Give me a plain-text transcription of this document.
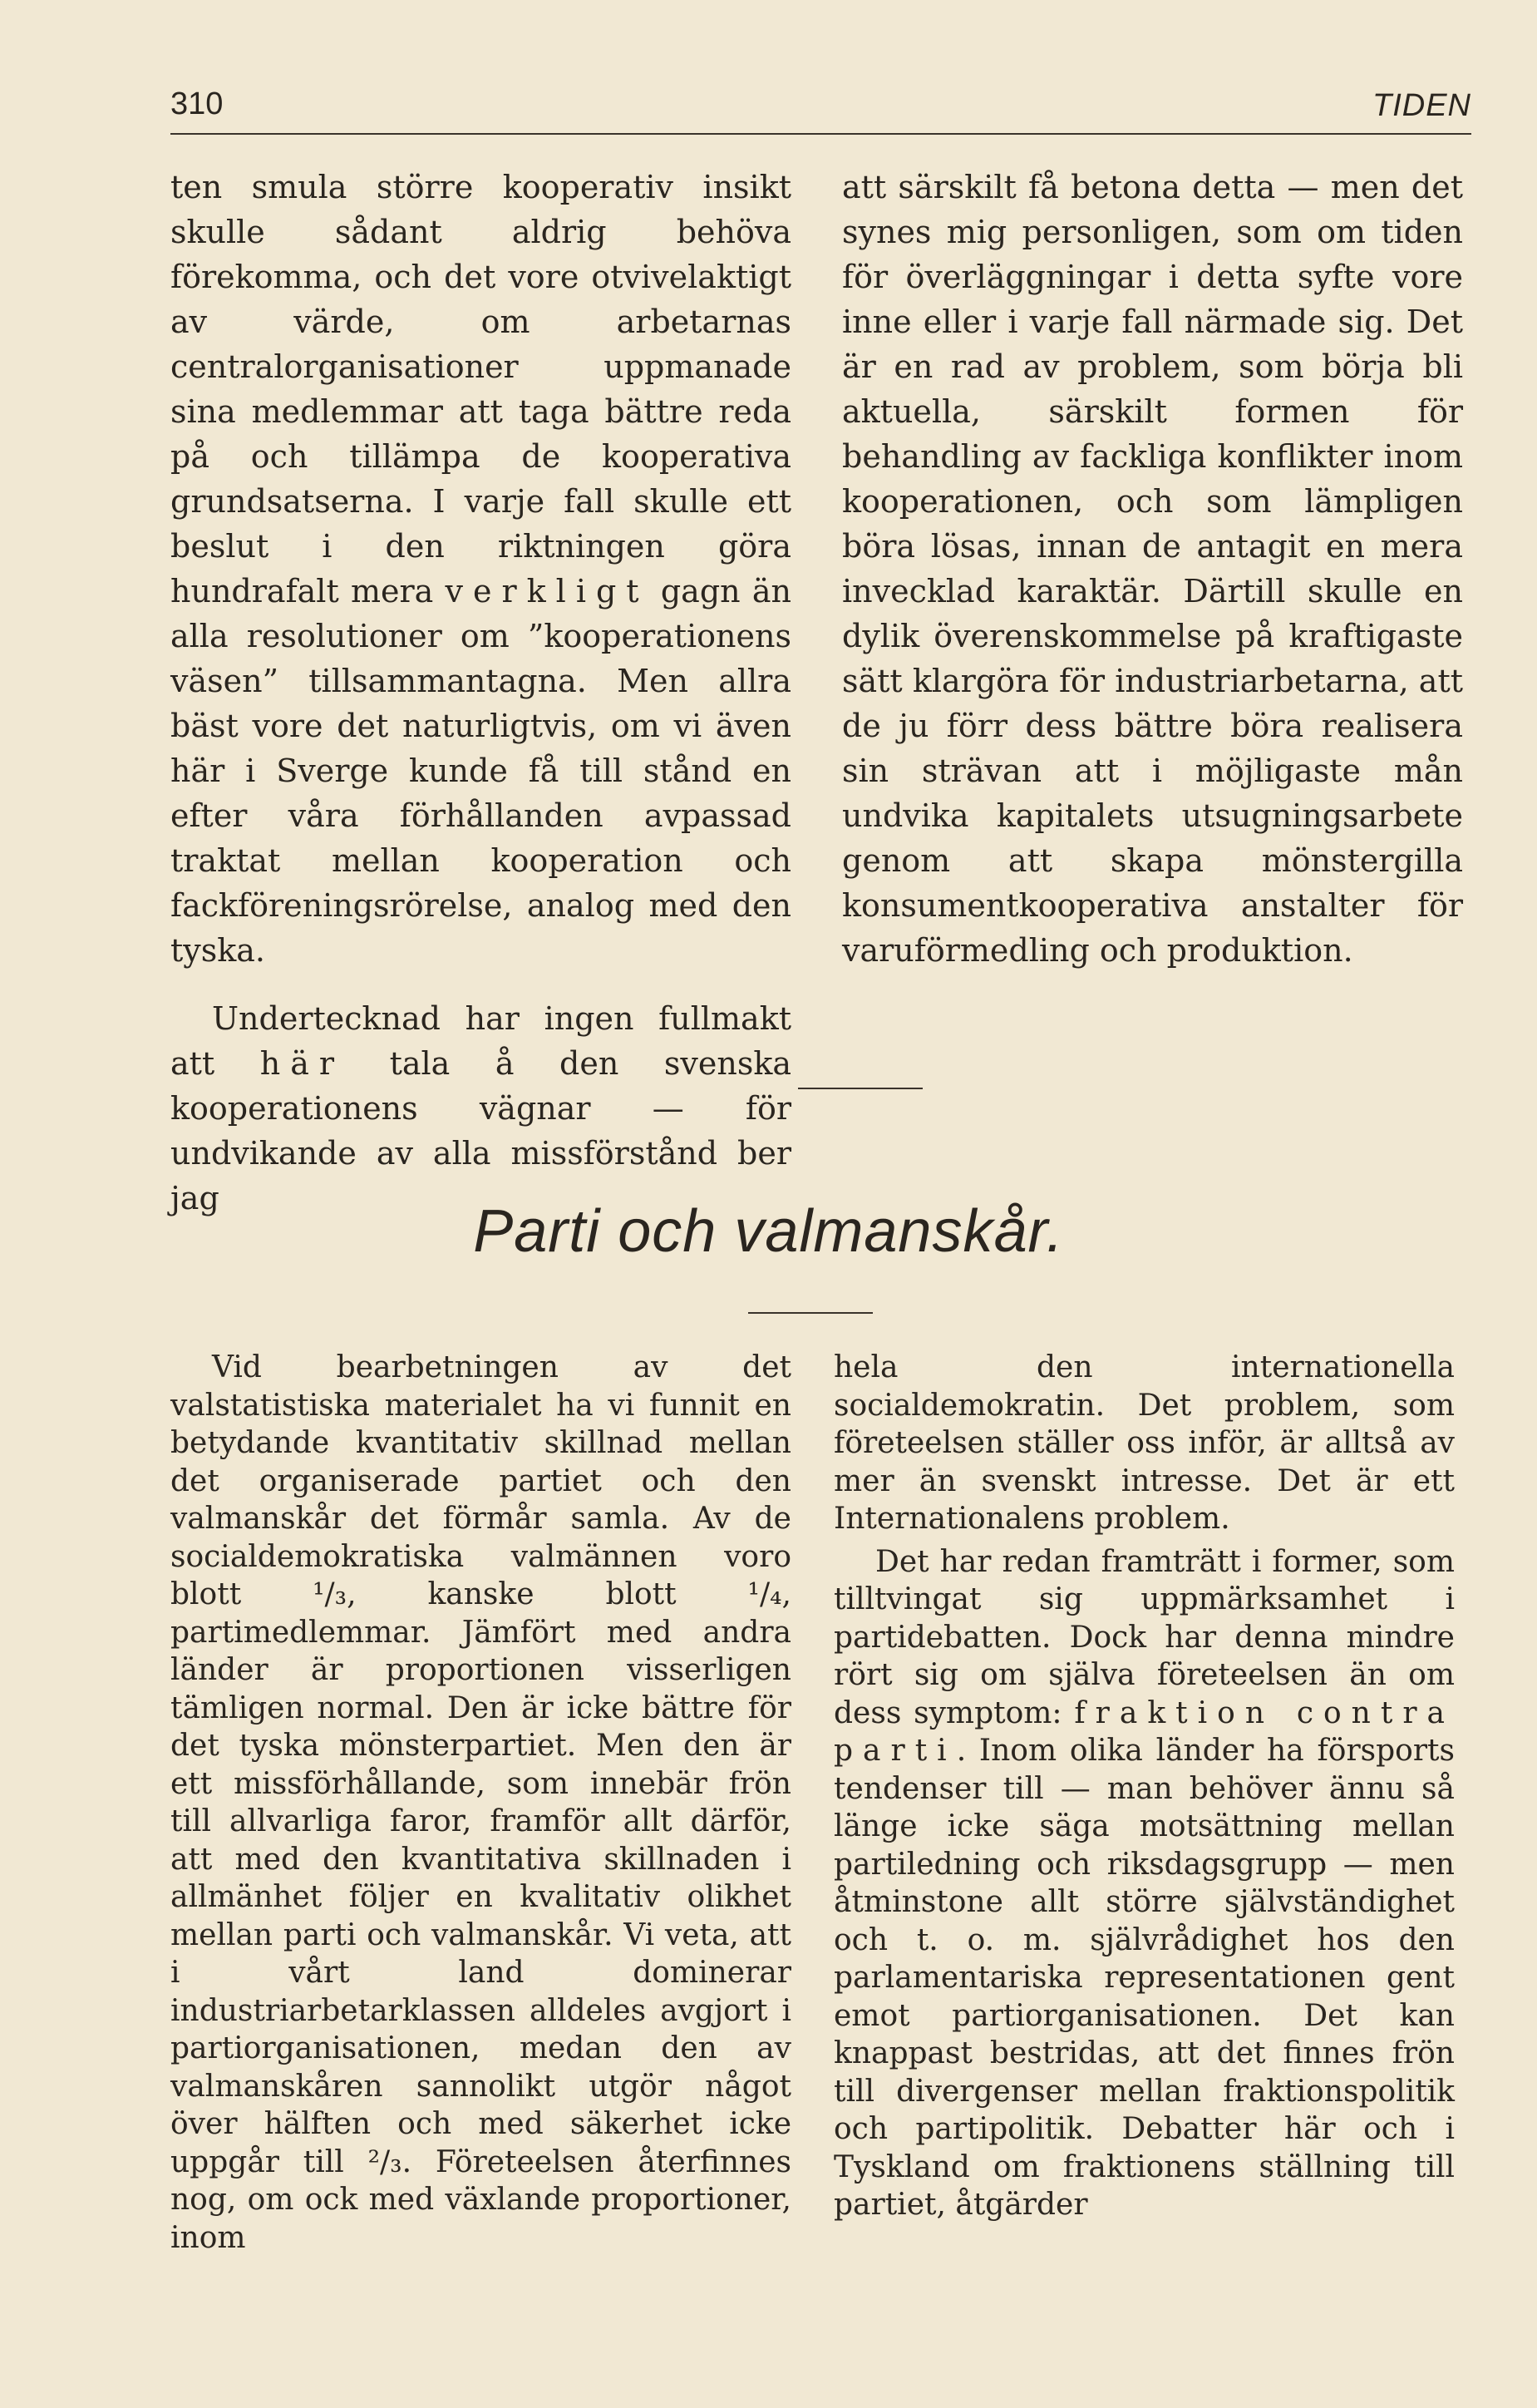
310	TIDEN

ten smula större kooperativ insikt skulle sådant aldrig behöva förekomma, och det vore otvivelaktigt av värde, om arbetarnas centralorganisationer uppmanade sina medlemmar att taga bättre reda på och tillämpa de kooperativa grundsatserna. I varje fall skulle ett beslut i den riktningen göra hundrafalt mera verkligt gagn än alla resolutioner om ”kooperationens väsen” tillsammantagna. Men allra bäst vore det naturligtvis, om vi även här i Sverge kunde få till stånd en efter våra förhållanden avpassad traktat mellan kooperation och fackföreningsrörelse, analog med den tyska.

Undertecknad har ingen fullmakt att här tala å den svenska kooperationens vägnar — för undvikande av alla missförstånd ber jag

att särskilt få betona detta — men det synes mig personligen, som om tiden för överläggningar i detta syfte vore inne eller i varje fall närmade sig. Det är en rad av problem, som börja bli aktuella, särskilt formen för behandling av fackliga konflikter inom kooperationen, och som lämpligen böra lösas, innan de antagit en mera invecklad karaktär. Därtill skulle en dylik överenskommelse på kraftigaste sätt klargöra för industriarbetarna, att de ju förr dess bättre böra realisera sin strävan att i möjligaste mån undvika kapitalets utsugningsarbete genom att skapa mönstergilla konsumentkooperativa anstalter för varuförmedling och produktion.

Parti och valmanskår.

Vid bearbetningen av det valstatistiska materialet ha vi funnit en betydande kvantitativ skillnad mellan det organiserade partiet och den valmanskår det förmår samla. Av de socialdemokratiska valmännen voro blott ¹/₃, kanske blott ¹/₄, partimedlemmar. Jämfört med andra länder är proportionen visserligen tämligen normal. Den är icke bättre för det tyska mönsterpartiet. Men den är ett missförhållande, som innebär frön till allvarliga faror, framför allt därför, att med den kvantitativa skillnaden i allmänhet följer en kvalitativ olikhet mellan parti och valmanskår. Vi veta, att i vårt land dominerar industriarbetarklassen alldeles avgjort i partiorganisationen, medan den av valmanskåren sannolikt utgör något över hälften och med säkerhet icke uppgår till ²/₃. Företeelsen återfinnes nog, om ock med växlande proportioner, inom

hela den internationella socialdemokratin. Det problem, som företeelsen ställer oss inför, är alltså av mer än svenskt intresse. Det är ett Internationalens problem.

Det har redan framträtt i former, som tilltvingat sig uppmärksamhet i partidebatten. Dock har denna mindre rört sig om själva företeelsen än om dess symptom: fraktion contra parti. Inom olika länder ha försports tendenser till — man behöver ännu så länge icke säga motsättning mellan partiledning och riksdagsgrupp — men åtminstone allt större självständighet och t. o. m. självrådighet hos den parlamentariska representationen gent emot partiorganisationen. Det kan knappast bestridas, att det finnes frön till divergenser mellan fraktionspolitik och partipolitik. Debatter här och i Tyskland om fraktionens ställning till partiet, åtgärder
